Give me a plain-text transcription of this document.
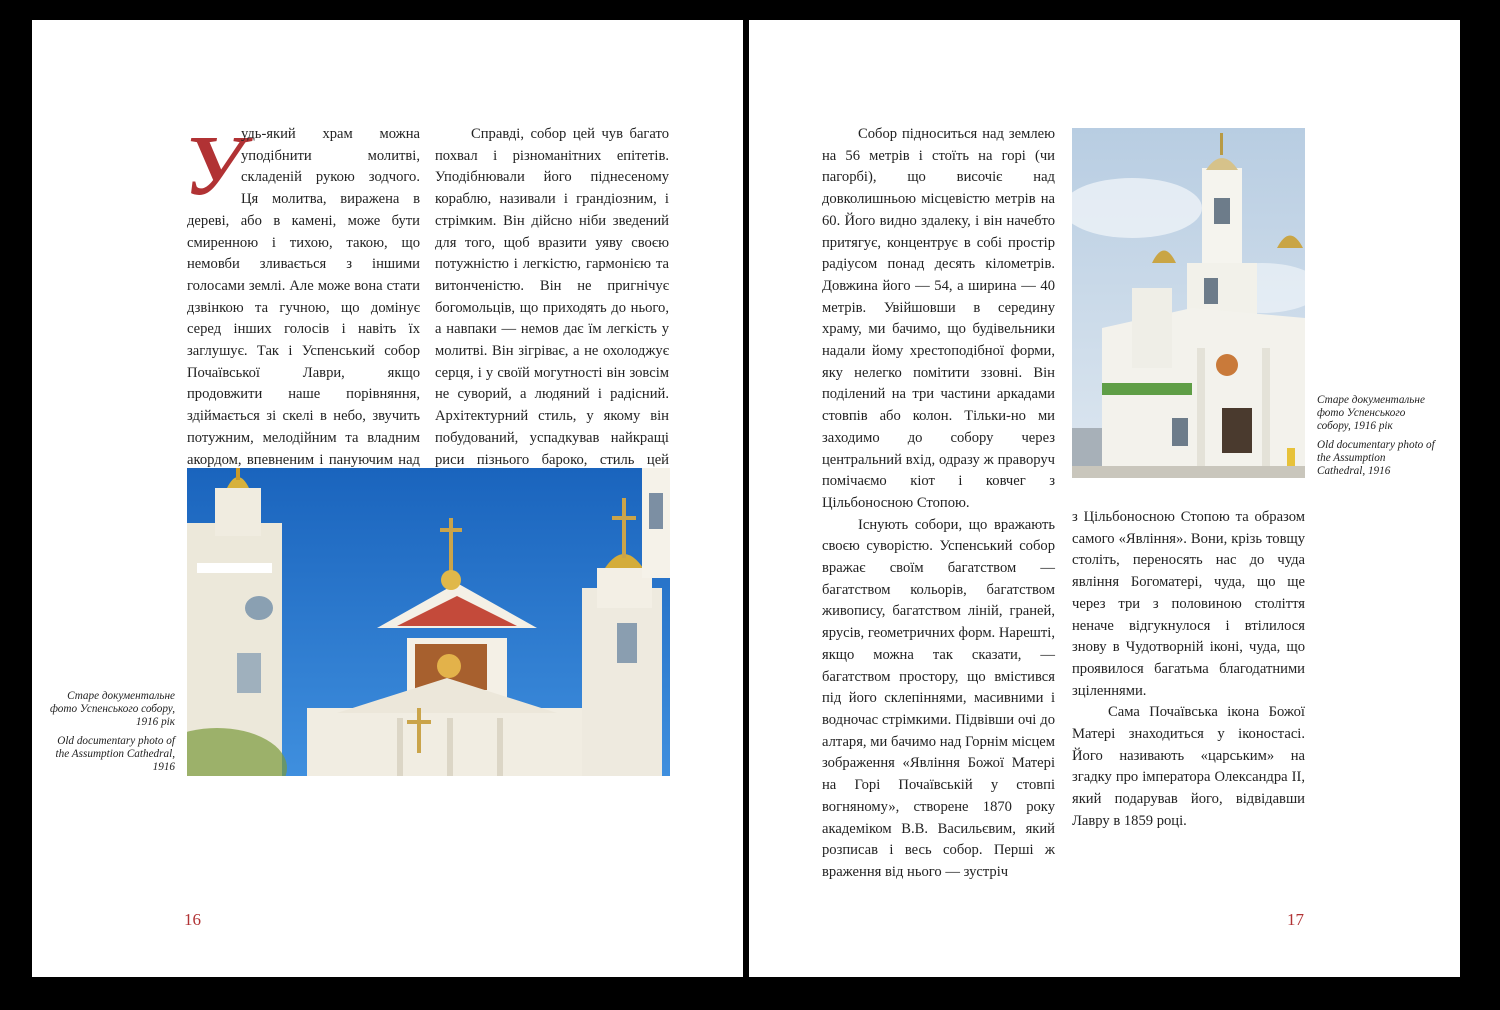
У
удь-який храм можна уподібнити молитві, складеній рукою зодчого. Ця молитва, виражена в дереві, або в камені, може бути смиренною і тихою, такою, що немовби зливається з іншими голосами землі. Але може вона стати дзвінкою та гучною, що домінує серед інших голосів і навіть їх заглушує. Так і Успенський собор Почаївської Лаври, якщо продовжити наше порівняння, здіймається зі скелі в небо, звучить потужним, мелодійним та владним акордом, впевненим і пануючим над

Справді, собор цей чув багато похвал і різноманітних епітетів. Уподібнювали його піднесеному кораблю, називали і грандіозним, і стрімким. Він дійсно ніби зведений для того, щоб вразити уяву своєю потужністю і легкістю, гармонією та витонченістю. Він не пригнічує богомольців, що приходять до нього, а навпаки — немов дає їм легкість у молитві. Він зігріває, а не охолоджує серця, і у своїй могутності він зовсім не суворий, а людяний і радісний. Архітектурний стиль, у якому він побудований, успадкував найкращі риси пізнього бароко, стиль цей

Старе документальне фото Успенського собору, 1916 рік
Old documentary photo of the Assumption Cathedral, 1916
16

Собор підноситься над землею на 56 метрів і стоїть на горі (чи пагорбі), що височіє над довколишньою місцевістю метрів на 60. Його видно здалеку, і він начебто притягує, концентрує в собі простір радіусом понад десять кілометрів. Довжина його — 54, а ширина — 40 метрів. Увійшовши в середину храму, ми бачимо, що будівельники надали йому хрестоподібної форми, яку нелегко помітити ззовні. Він поділений на три частини аркадами стовпів або колон. Тільки-но ми заходимо до собору через центральний вхід, одразу ж праворуч помічаємо кіот і ковчег з Цільбоносною Стопою.

Існують собори, що вражають своєю суворістю. Успенський собор вражає своїм багатством — багатством кольорів, багатством живопису, багатством ліній, граней, ярусів, геометричних форм. Нарешті, якщо можна так сказати, — багатством простору, що вмістився під його склепіннями, масивними і водночас стрімкими. Підвівши очі до алтаря, ми бачимо над Горнім місцем зображення «Явління Божої Матері на Горі Почаївській у стовпі вогняному», створене 1870 року академіком В.В. Васильєвим, який розписав і весь собор. Перші ж враження від нього — зустріч

Старе документальне фото Успенського собору, 1916 рік
Old documentary photo of the Assumption Cathedral, 1916

з Цільбоносною Стопою та образом самого «Явління». Вони, крізь товщу століть, переносять нас до чуда явління Богоматері, чуда, що ще через три з половиною століття неначе відгукнулося і втілилося знову в Чудотворній іконі, чуда, що проявилося багатьма благодатними зціленнями.

Сама Почаївська ікона Божої Матері знаходиться у іконостасі. Його називають «царським» на згадку про імператора Олександра II, який подарував його, відвідавши Лавру в 1859 році.

17
